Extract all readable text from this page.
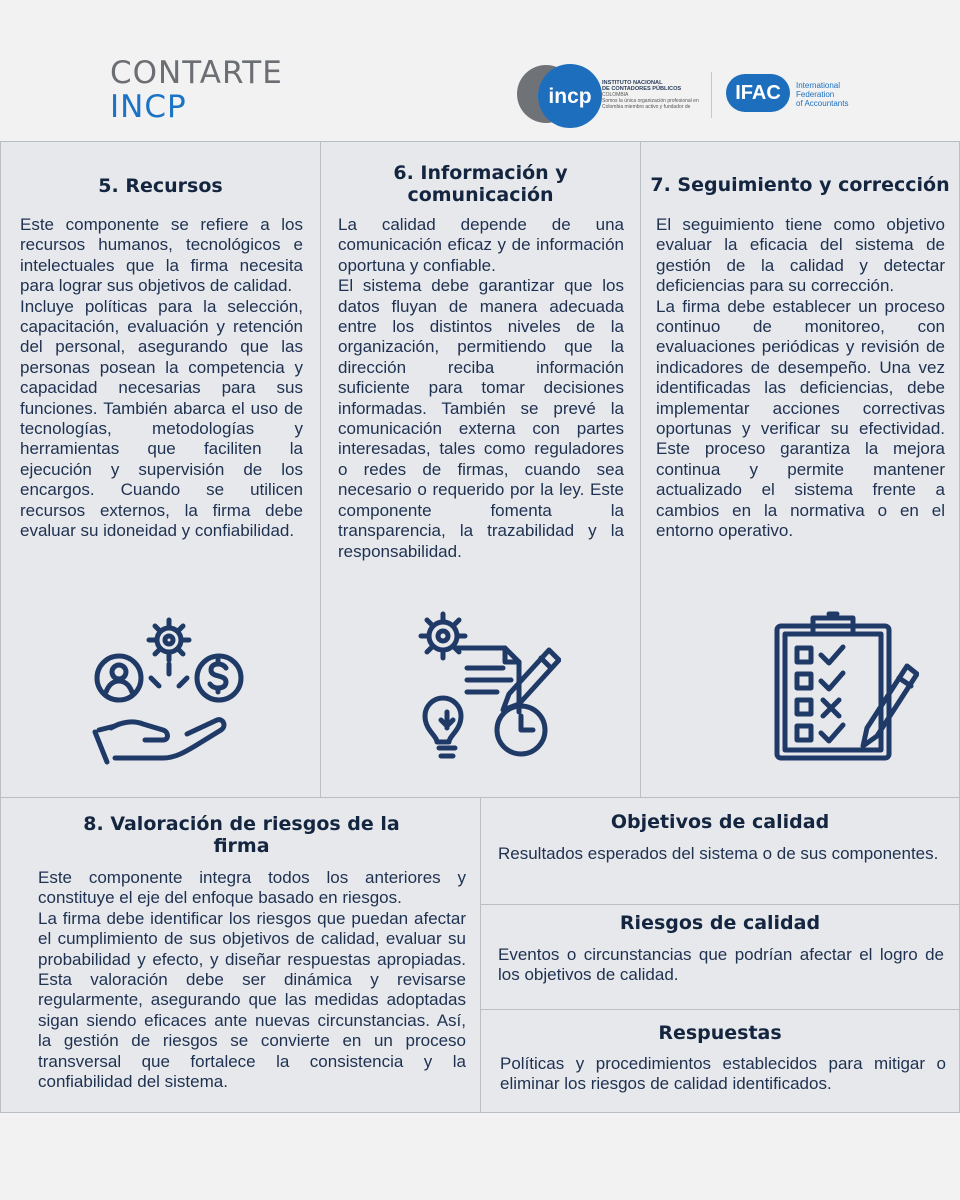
CONTARTE
INCP	incp
INSTITUTO NACIONAL
DE CONTADORES PÚBLICOS
COLOMBIA
Somos la única organización profesional en
Colombia miembro activo y fundador de
IFAC	International
Federation
of Accountants
5. Recursos

Este componente se refiere a los recursos humanos, tecnológicos e intelectuales que la firma necesita para lograr sus objetivos de calidad.

Incluye políticas para la selección, capacitación, evaluación y retención del personal, asegurando que las personas posean la competencia y capacidad necesarias para sus funciones. También abarca el uso de tecnologías, metodologías y herramientas que faciliten la ejecución y supervisión de los encargos. Cuando se utilicen recursos externos, la firma debe evaluar su idoneidad y confiabilidad.

6. Información y
comunicación

La calidad depende de una comunicación eficaz y de información oportuna y confiable.

El sistema debe garantizar que los datos fluyan de manera adecuada entre los distintos niveles de la organización, permitiendo que la dirección reciba información suficiente para tomar decisiones informadas. También se prevé la comunicación externa con partes interesadas, tales como reguladores o redes de firmas, cuando sea necesario o requerido por la ley. Este componente fomenta la transparencia, la trazabilidad y la responsabilidad.

7. Seguimiento y corrección

El seguimiento tiene como objetivo evaluar la eficacia del sistema de gestión de la calidad y detectar deficiencias para su corrección.

La firma debe establecer un proceso continuo de monitoreo, con evaluaciones periódicas y revisión de indicadores de desempeño. Una vez identificadas las deficiencias, debe implementar acciones correctivas oportunas y verificar su efectividad. Este proceso garantiza la mejora continua y permite mantener actualizado el sistema frente a cambios en la normativa o en el entorno operativo.

8. Valoración de riesgos de la
firma

Este componente integra todos los anteriores y constituye el eje del enfoque basado en riesgos.

La firma debe identificar los riesgos que puedan afectar el cumplimiento de sus objetivos de calidad, evaluar su probabilidad y efecto, y diseñar respuestas apropiadas. Esta valoración debe ser dinámica y revisarse regularmente, asegurando que las medidas adoptadas sigan siendo eficaces ante nuevas circunstancias. Así, la gestión de riesgos se convierte en un proceso transversal que fortalece la consistencia y la confiabilidad del sistema.

Objetivos de calidad
Resultados esperados del sistema o de sus componentes.
Riesgos de calidad
Eventos o circunstancias que podrían afectar el logro de los objetivos de calidad.
Respuestas
Políticas y procedimientos establecidos para mitigar o eliminar los riesgos de calidad identificados.
